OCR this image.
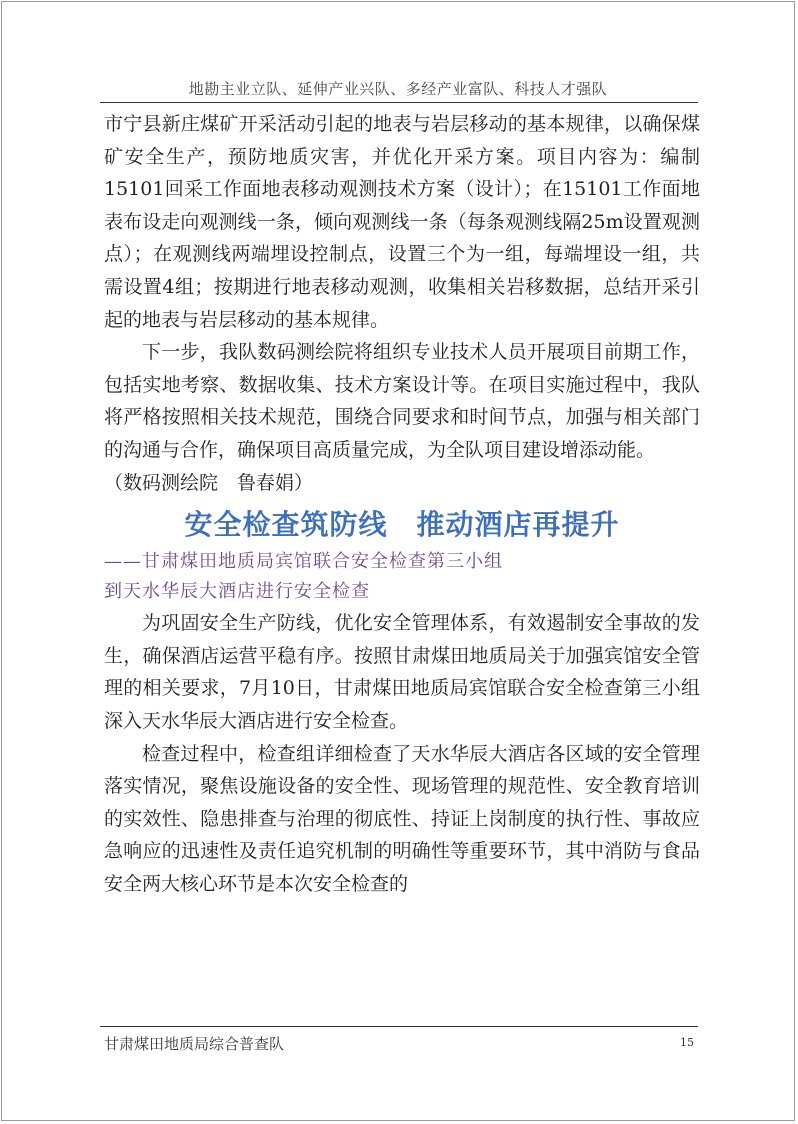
地勘主业立队、延伸产业兴队、多经产业富队、科技人才强队

市宁县新庄煤矿开采活动引起的地表与岩层移动的基本规律，以确保煤矿安全生产，预防地质灾害，并优化开采方案。项目内容为：编制15101回采工作面地表移动观测技术方案（设计）；在15101工作面地表布设走向观测线一条，倾向观测线一条（每条观测线隔25m设置观测点）；在观测线两端埋设控制点，设置三个为一组，每端埋设一组，共需设置4组；按期进行地表移动观测，收集相关岩移数据，总结开采引起的地表与岩层移动的基本规律。

下一步，我队数码测绘院将组织专业技术人员开展项目前期工作，包括实地考察、数据收集、技术方案设计等。在项目实施过程中，我队将严格按照相关技术规范，围绕合同要求和时间节点，加强与相关部门的沟通与合作，确保项目高质量完成，为全队项目建设增添动能。

（数码测绘院　鲁春娟）

安全检查筑防线　推动酒店再提升

——甘肃煤田地质局宾馆联合安全检查第三小组

到天水华辰大酒店进行安全检查

为巩固安全生产防线，优化安全管理体系，有效遏制安全事故的发生，确保酒店运营平稳有序。按照甘肃煤田地质局关于加强宾馆安全管理的相关要求，7月10日，甘肃煤田地质局宾馆联合安全检查第三小组深入天水华辰大酒店进行安全检查。

检查过程中，检查组详细检查了天水华辰大酒店各区域的安全管理落实情况，聚焦设施设备的安全性、现场管理的规范性、安全教育培训的实效性、隐患排查与治理的彻底性、持证上岗制度的执行性、事故应急响应的迅速性及责任追究机制的明确性等重要环节，其中消防与食品安全两大核心环节是本次安全检查的

甘肃煤田地质局综合普查队	15
